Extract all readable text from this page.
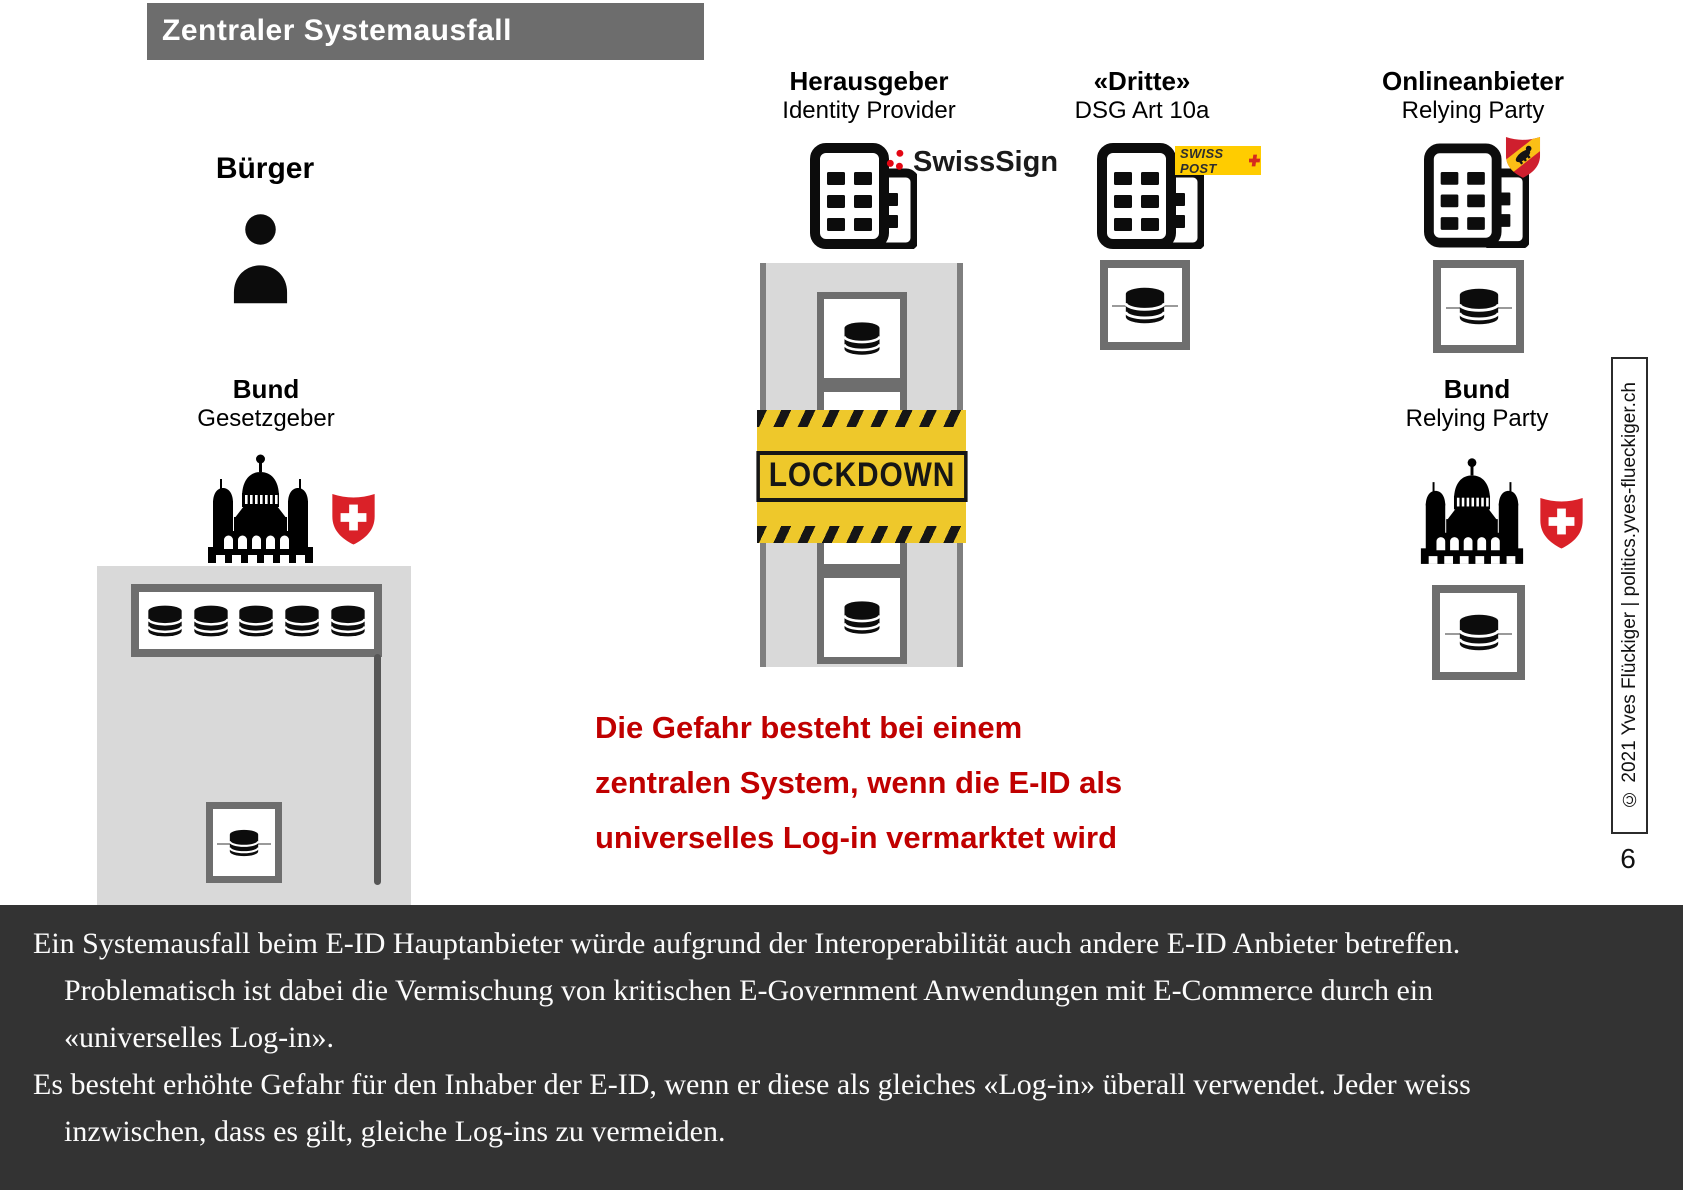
Zentraler Systemausfall
Bürger
Herausgeber
Identity Provider
SwissSign
«Dritte»
DSG Art 10a
SWISS POST
Onlineanbieter
Relying Party
LOCKDOWN
Bund
Gesetzgeber
Die Gefahr besteht bei einem
zentralen System, wenn die E-ID als
universelles Log-in vermarktet wird
Bund
Relying Party	© 2021 Yves Flückiger | politics.yves-flueckiger.ch
6
Ein Systemausfall beim E-ID Hauptanbieter würde aufgrund der Interoperabilität auch andere E-ID Anbieter betreffen.
Problematisch ist dabei die Vermischung von kritischen E-Government Anwendungen mit E-Commerce durch ein
«universelles Log-in».
Es besteht erhöhte Gefahr für den Inhaber der E-ID, wenn er diese als gleiches «Log-in» überall verwendet. Jeder weiss
inzwischen, dass es gilt, gleiche Log-ins zu vermeiden.
